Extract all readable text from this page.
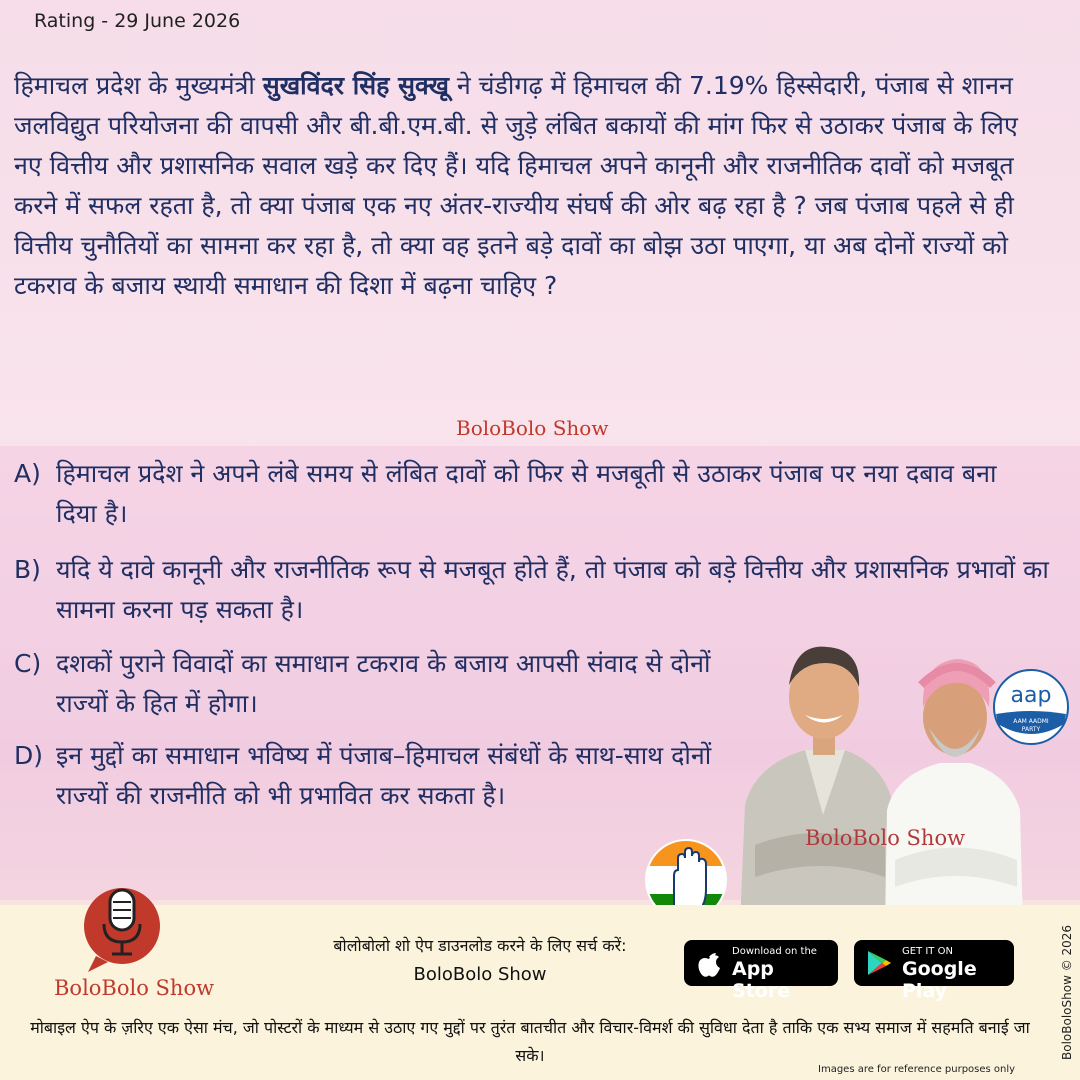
Rating - 29 June 2026
हिमाचल प्रदेश के मुख्यमंत्री सुखविंदर सिंह सुक्खू ने चंडीगढ़ में हिमाचल की 7.19% हिस्सेदारी, पंजाब से शानन जलविद्युत परियोजना की वापसी और बी.बी.एम.बी. से जुड़े लंबित बकायों की मांग फिर से उठाकर पंजाब के लिए नए वित्तीय और प्रशासनिक सवाल खड़े कर दिए हैं। यदि हिमाचल अपने कानूनी और राजनीतिक दावों को मजबूत करने में सफल रहता है, तो क्या पंजाब एक नए अंतर-राज्यीय संघर्ष की ओर बढ़ रहा है ? जब पंजाब पहले से ही वित्तीय चुनौतियों का सामना कर रहा है, तो क्या वह इतने बड़े दावों का बोझ उठा पाएगा, या अब दोनों राज्यों को टकराव के बजाय स्थायी समाधान की दिशा में बढ़ना चाहिए ?
BoloBolo Show
A) हिमाचल प्रदेश ने अपने लंबे समय से लंबित दावों को फिर से मजबूती से उठाकर पंजाब पर नया दबाव बना दिया है।
B) यदि ये दावे कानूनी और राजनीतिक रूप से मजबूत होते हैं, तो पंजाब को बड़े वित्तीय और प्रशासनिक प्रभावों का सामना करना पड़ सकता है।
C) दशकों पुराने विवादों का समाधान टकराव के बजाय आपसी संवाद से दोनों राज्यों के हित में होगा।
D) इन मुद्दों का समाधान भविष्य में पंजाब–हिमाचल संबंधों के साथ-साथ दोनों राज्यों की राजनीति को भी प्रभावित कर सकता है।
BoloBolo Show
aap
AAM AADMI
PARTY
BoloBolo Show
बोलोबोलो शो ऐप डाउनलोड करने के लिए सर्च करें:
BoloBolo Show
Download on the
App Store
GET IT ON
Google Play
मोबाइल ऐप के ज़रिए एक ऐसा मंच, जो पोस्टरों के माध्यम से उठाए गए मुद्दों पर तुरंत बातचीत और विचार-विमर्श की सुविधा देता है ताकि एक सभ्य समाज में सहमति बनाई जा सके।	BoloBoloShow © 2026
Images are for reference purposes only
